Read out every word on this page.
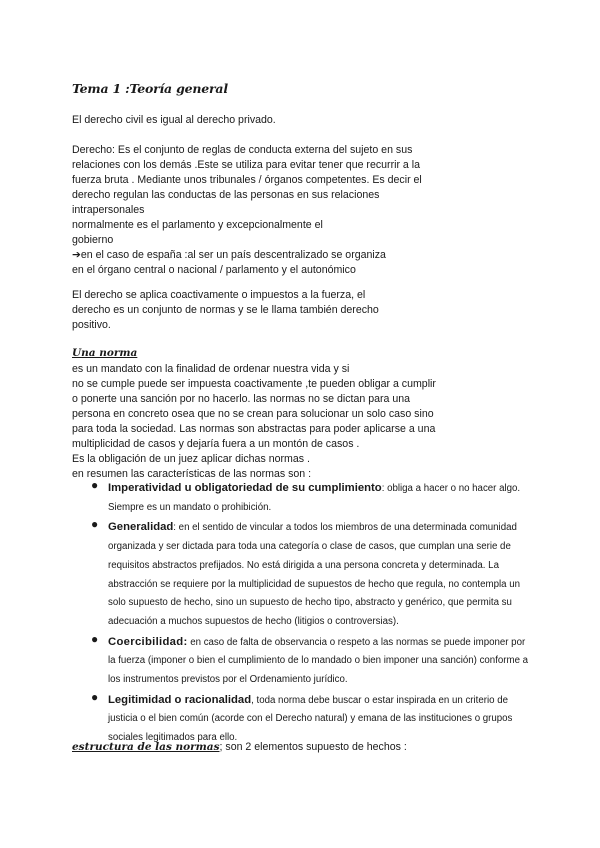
Tema 1 :Teoría general
El derecho civil es igual al derecho privado.
Derecho: Es el conjunto de reglas de conducta externa del sujeto en sus
relaciones con los demás .Este se utiliza para evitar tener que recurrir a la
fuerza bruta . Mediante unos tribunales / órganos competentes. Es decir el
derecho regulan las conductas de las personas en sus relaciones
intrapersonales
normalmente es el parlamento y excepcionalmente el
gobierno
➔en el caso de españa :al ser un país descentralizado se organiza
en el órgano central o nacional / parlamento y el autonómico
El derecho se aplica coactivamente o impuestos a la fuerza, el
derecho es un conjunto de normas y se le llama también derecho
positivo.
Una norma
es un mandato con la finalidad de ordenar nuestra vida y si
no se cumple puede ser impuesta coactivamente ,te pueden obligar a cumplir
o ponerte una sanción por no hacerlo. las normas no se dictan para una
persona en concreto osea que no se crean para solucionar un solo caso sino
para toda la sociedad. Las normas son abstractas para poder aplicarse a una
multiplicidad de casos y dejaría fuera a un montón de casos .
Es la obligación de un juez aplicar dichas normas .
en resumen las características de las normas son :
● Imperatividad u obligatoriedad de su cumplimiento: obliga a hacer o no hacer algo. Siempre es un mandato o prohibición.
● Generalidad: en el sentido de vincular a todos los miembros de una determinada comunidad organizada y ser dictada para toda una categoría o clase de casos, que cumplan una serie de requisitos abstractos prefijados. No está dirigida a una persona concreta y determinada. La abstracción se requiere por la multiplicidad de supuestos de hecho que regula, no contempla un solo supuesto de hecho, sino un supuesto de hecho tipo, abstracto y genérico, que permita su adecuación a muchos supuestos de hecho (litigios o controversias).
● Coercibilidad: en caso de falta de observancia o respeto a las normas se puede imponer por la fuerza (imponer o bien el cumplimiento de lo mandado o bien imponer una sanción) conforme a los instrumentos previstos por el Ordenamiento jurídico.
● Legitimidad o racionalidad, toda norma debe buscar o estar inspirada en un criterio de justicia o el bien común (acorde con el Derecho natural) y emana de las instituciones o grupos sociales legitimados para ello.
estructura de las normas; son 2 elementos supuesto de hechos :
